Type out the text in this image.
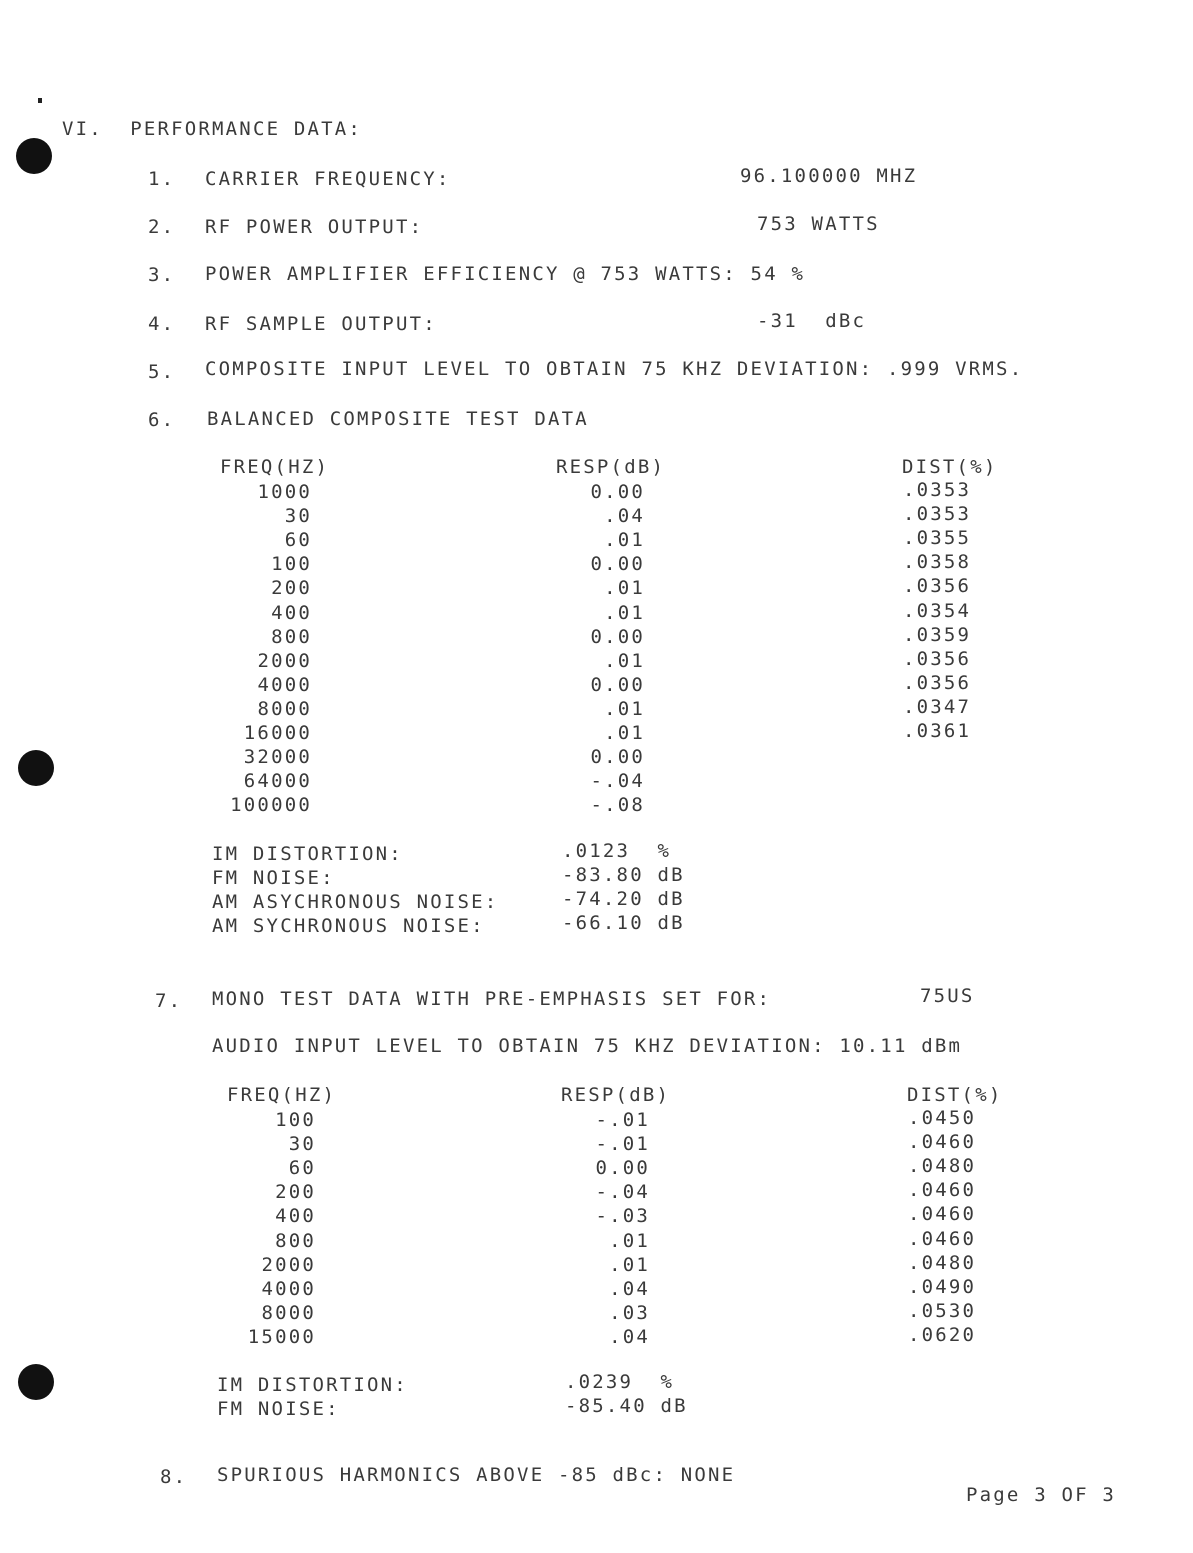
VI.  PERFORMANCE DATA:
1. CARRIER FREQUENCY:	96.100000 MHZ
2. RF POWER OUTPUT:	753 WATTS
3. POWER AMPLIFIER EFFICIENCY @ 753 WATTS: 54 %
4. RF SAMPLE OUTPUT:	-31  dBc
5. COMPOSITE INPUT LEVEL TO OBTAIN 75 KHZ DEVIATION: .999 VRMS.
6. BALANCED COMPOSITE TEST DATA
FREQ(HZ)	RESP(dB)	DIST(%)
1000	0.00	.0353
30	.04	.0353
60	.01	.0355
100	0.00	.0358
200	.01	.0356
400	.01	.0354
800	0.00	.0359
2000	.01	.0356
4000	0.00	.0356
8000	.01	.0347
16000	.01	.0361
32000	0.00
64000	-.04
100000	-.08
IM DISTORTION:	.0123  %
FM NOISE:	-83.80 dB
AM ASYCHRONOUS NOISE:	-74.20 dB
AM SYCHRONOUS NOISE:	-66.10 dB
7. MONO TEST DATA WITH PRE-EMPHASIS SET FOR:	75US
AUDIO INPUT LEVEL TO OBTAIN 75 KHZ DEVIATION: 10.11 dBm
FREQ(HZ)	RESP(dB)	DIST(%)
100	-.01	.0450
30	-.01	.0460
60	0.00	.0480
200	-.04	.0460
400	-.03	.0460
800	.01	.0460
2000	.01	.0480
4000	.04	.0490
8000	.03	.0530
15000	.04	.0620
IM DISTORTION:	.0239  %
FM NOISE:	-85.40 dB
8. SPURIOUS HARMONICS ABOVE -85 dBc: NONE
Page 3 OF 3
